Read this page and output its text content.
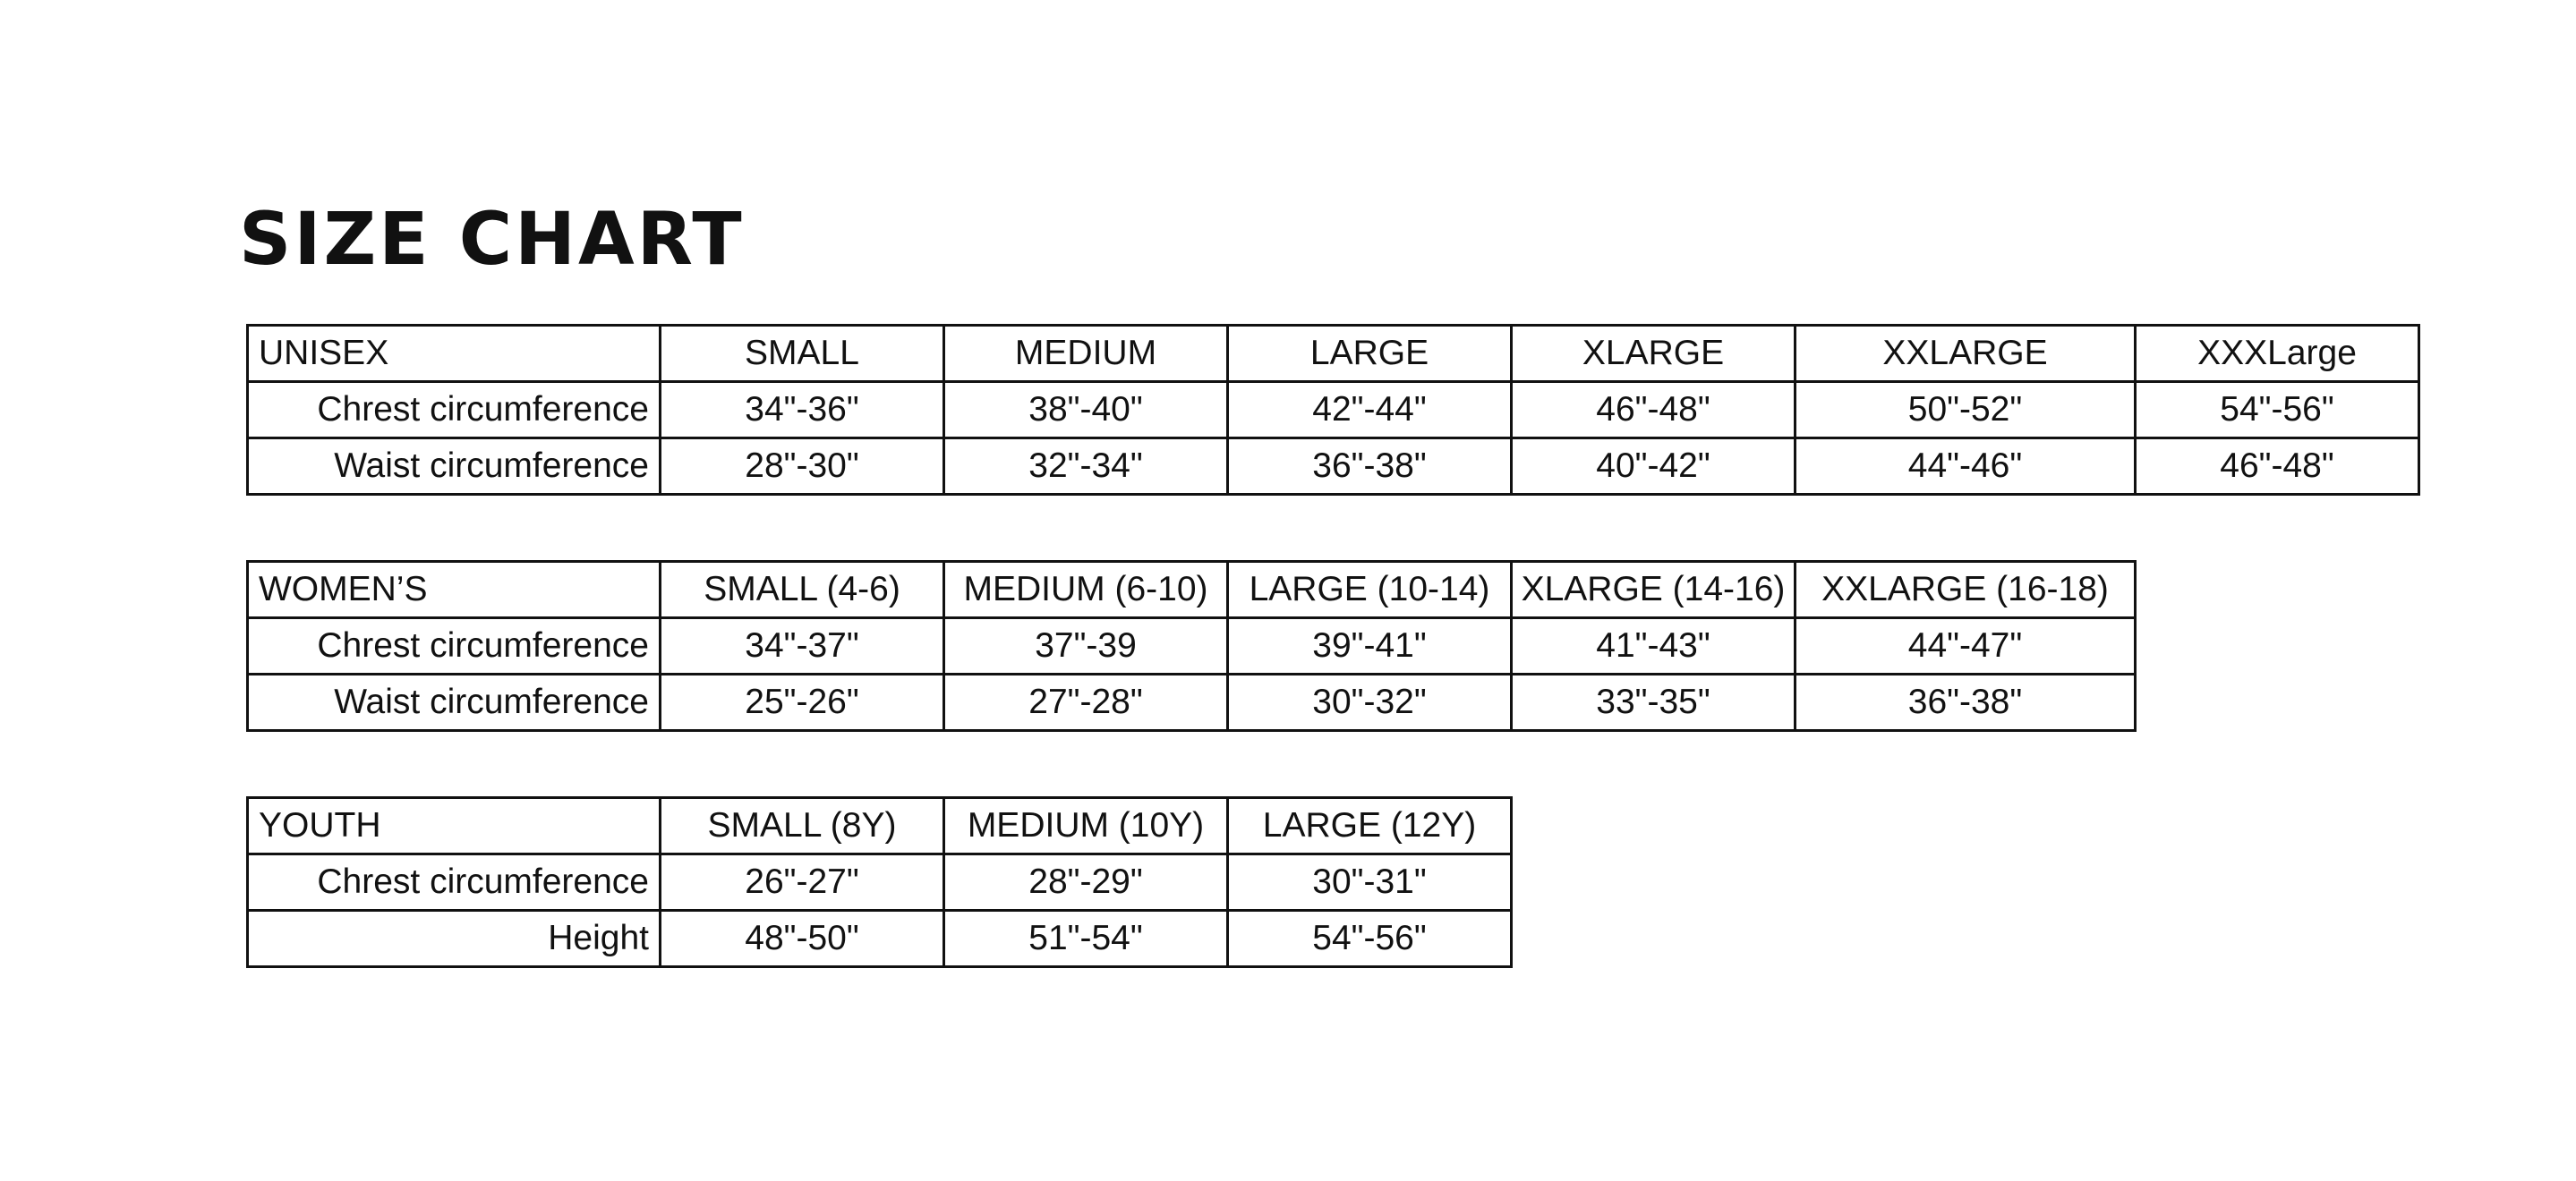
SIZE CHART
UNISEX	SMALL	MEDIUM	LARGE	XLARGE	XXLARGE	XXXLarge
Chrest circumference	34"-36"	38"-40"	42"-44"	46"-48"	50"-52"	54"-56"
Waist circumference	28"-30"	32"-34"	36"-38"	40"-42"	44"-46"	46"-48"
WOMEN’S	SMALL (4-6)	MEDIUM (6-10)	LARGE (10-14)	XLARGE (14-16)	XXLARGE (16-18)
Chrest circumference	34"-37"	37"-39	39"-41"	41"-43"	44"-47"
Waist circumference	25"-26"	27"-28"	30"-32"	33"-35"	36"-38"
YOUTH	SMALL (8Y)	MEDIUM (10Y)	LARGE (12Y)
Chrest circumference	26"-27"	28"-29"	30"-31"
Height	48"-50"	51"-54"	54"-56"
